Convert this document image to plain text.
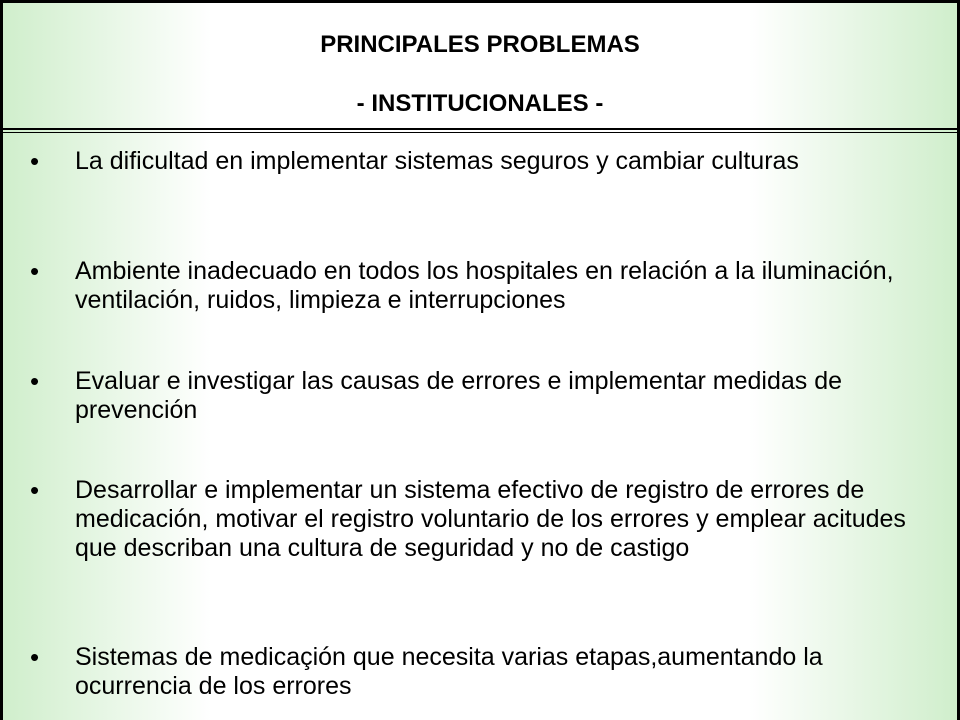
PRINCIPALES PROBLEMAS
- INSTITUCIONALES -
• La dificultad en implementar sistemas seguros y cambiar culturas
• Ambiente inadecuado en todos los hospitales en relación a la iluminación, ventilación, ruidos, limpieza e interrupciones
• Evaluar e investigar las causas de errores e implementar medidas de prevención
• Desarrollar e implementar un sistema efectivo de registro de errores de medicación, motivar el registro voluntario de los errores y emplear acitudes que describan una cultura de seguridad y no de castigo
• Sistemas de medicaçión que necesita varias etapas,aumentando la ocurrencia de los errores
